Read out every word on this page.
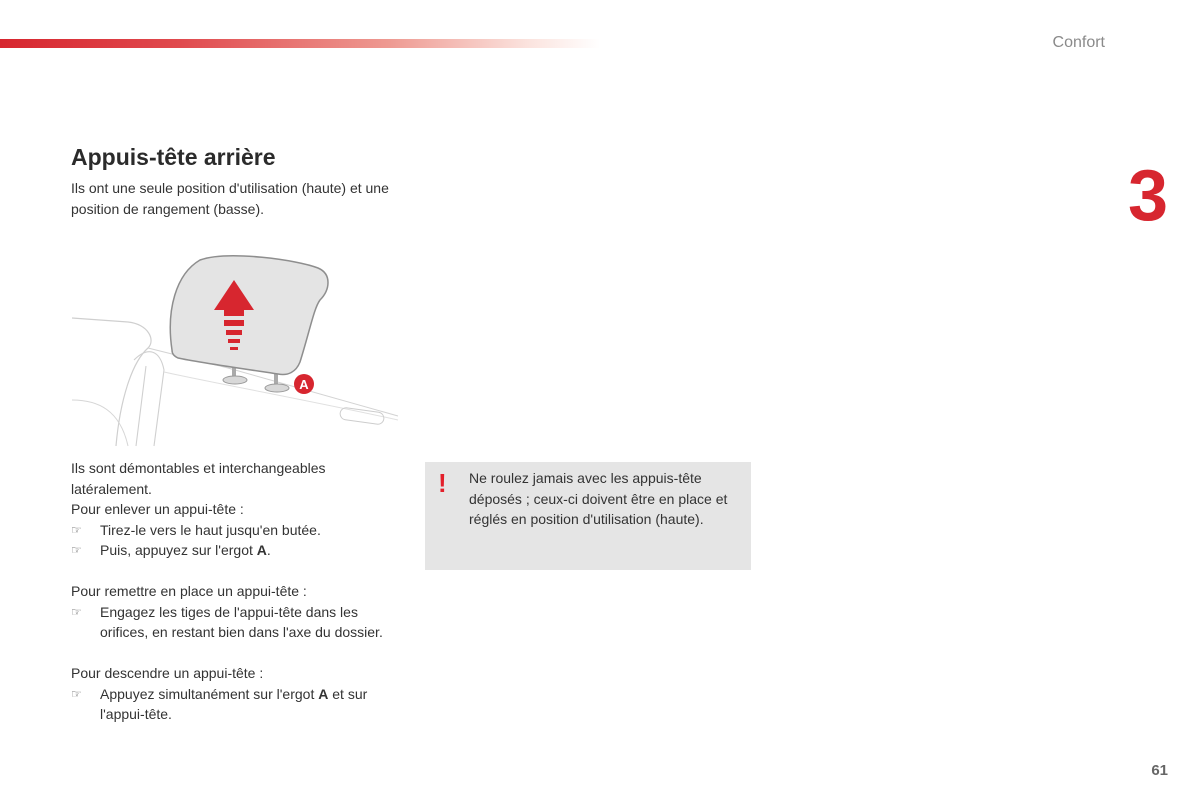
Confort
3
Appuis-tête arrière
Ils ont une seule position d'utilisation (haute) et une position de rangement (basse).
A

Ils sont démontables et interchangeables latéralement.

Pour enlever un appui-tête :

☞ Tirez-le vers le haut jusqu'en butée.

☞ Puis, appuyez sur l'ergot A.

Pour remettre en place un appui-tête :

☞ Engagez les tiges de l'appui-tête dans les orifices, en restant bien dans l'axe du dossier.

Pour descendre un appui-tête :

☞ Appuyez simultanément sur l'ergot A et sur l'appui-tête.

! Ne roulez jamais avec les appuis-tête déposés ; ceux-ci doivent être en place et réglés en position d'utilisation (haute).
61
